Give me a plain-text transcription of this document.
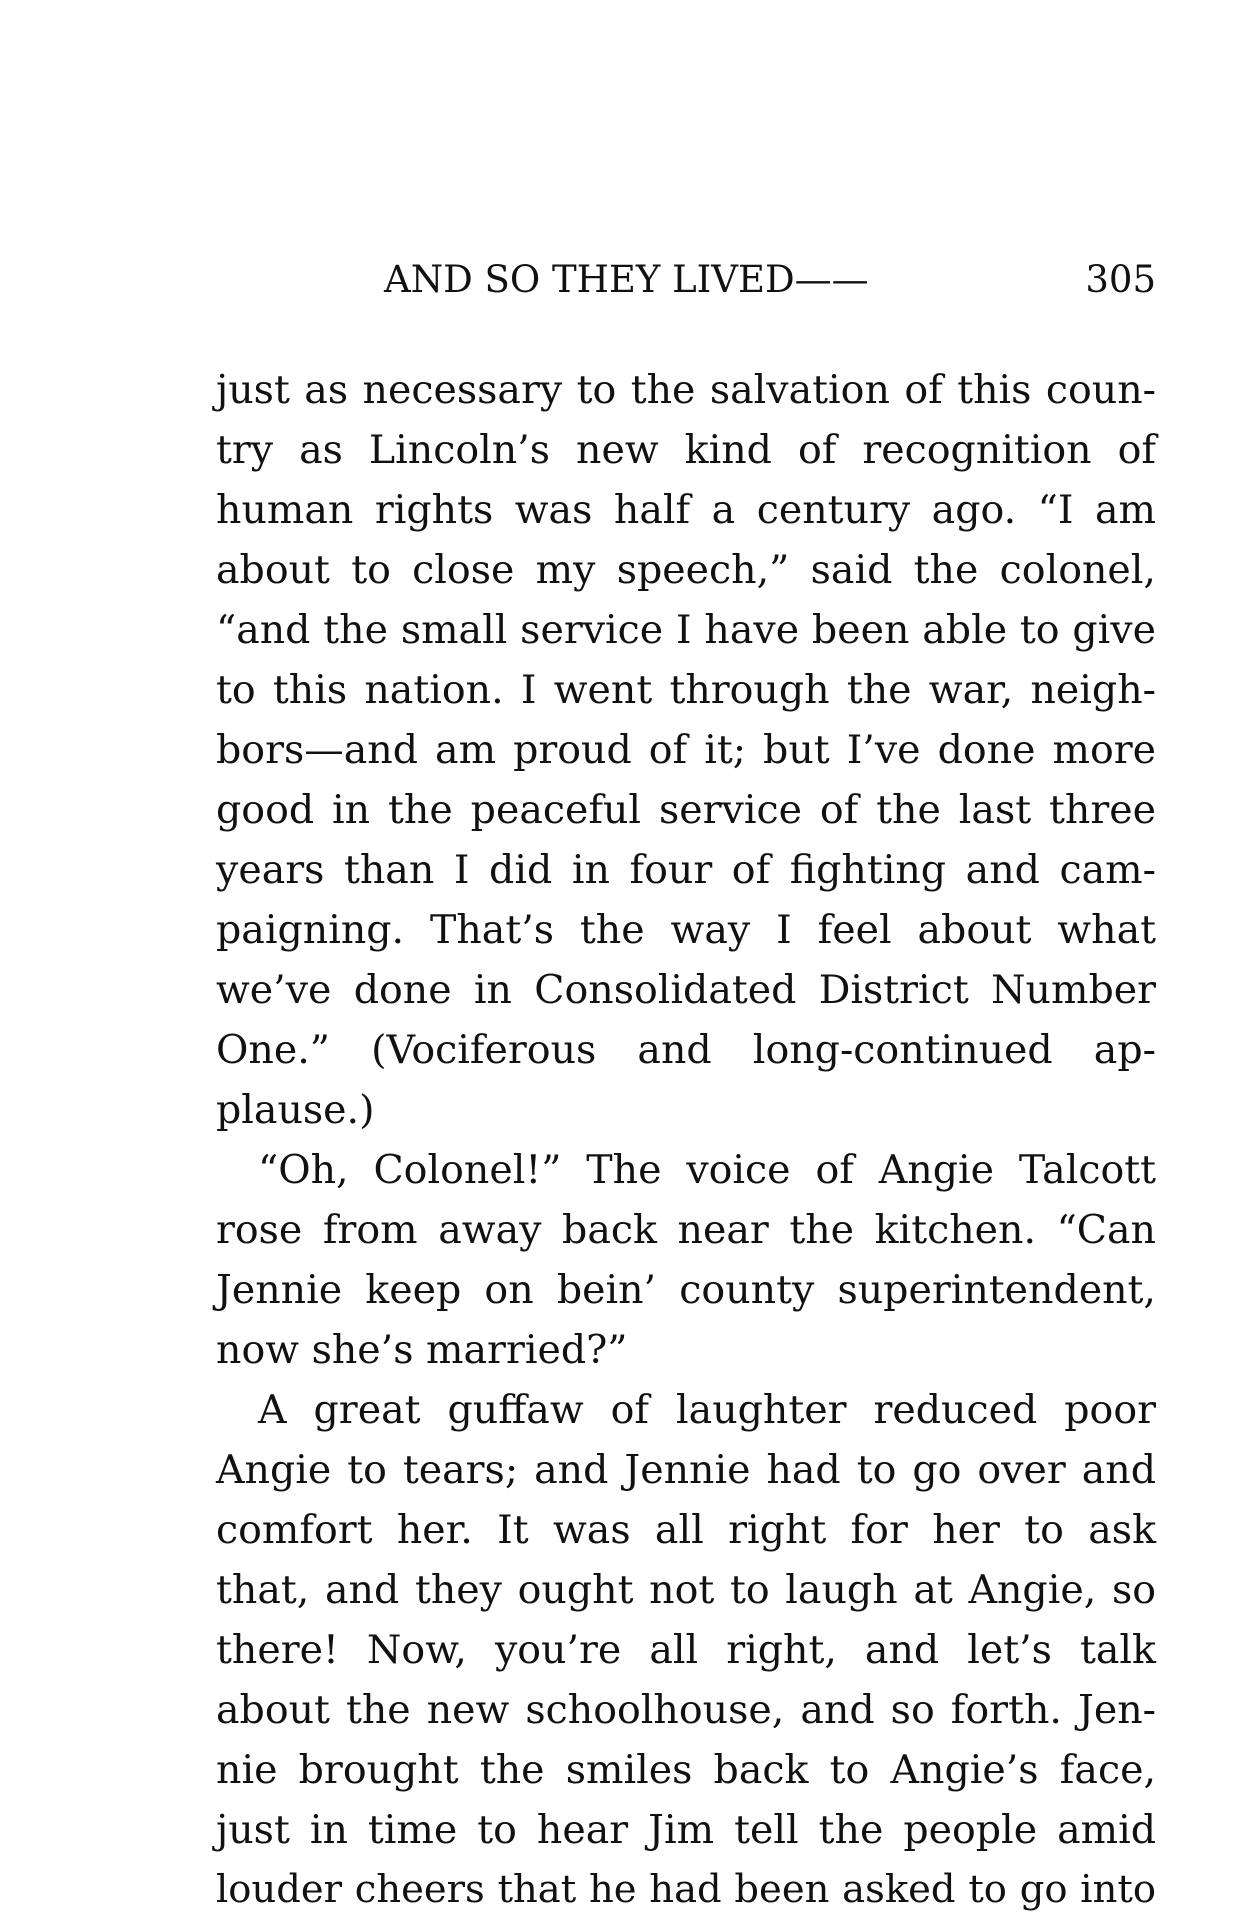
AND SO THEY LIVED——	305
just as necessary to the salvation of this coun-
try as Lincoln’s new kind of recognition of
human rights was half a century ago. “I am
about to close my speech,” said the colonel,
“and the small service I have been able to give
to this nation. I went through the war, neigh-
bors—and am proud of it; but I’ve done more
good in the peaceful service of the last three
years than I did in four of fighting and cam-
paigning. That’s the way I feel about what
we’ve done in Consolidated District Number
One.” (Vociferous and long-continued ap-
plause.)
“Oh, Colonel!” The voice of Angie Talcott
rose from away back near the kitchen. “Can
Jennie keep on bein’ county superintendent,
now she’s married?”
A great guffaw of laughter reduced poor
Angie to tears; and Jennie had to go over and
comfort her. It was all right for her to ask
that, and they ought not to laugh at Angie, so
there! Now, you’re all right, and let’s talk
about the new schoolhouse, and so forth. Jen-
nie brought the smiles back to Angie’s face,
just in time to hear Jim tell the people amid
louder cheers that he had been asked to go into
